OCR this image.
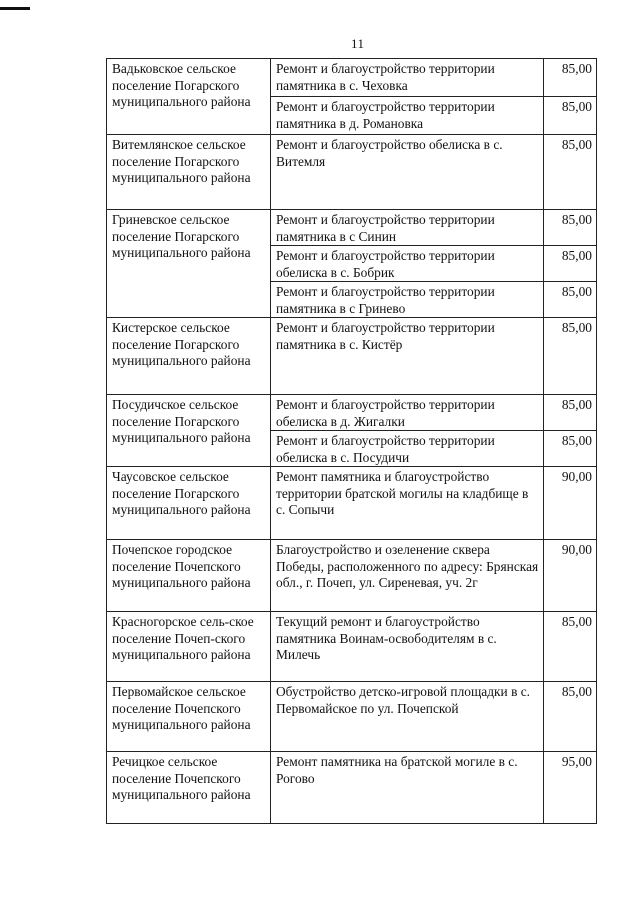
11
Вадьковское сельское поселение Погарского муниципального района	Ремонт и благоустройство территории памятника в с. Чеховка	85,00
	Ремонт и благоустройство территории памятника в д. Романовка	85,00
Витемлянское сельское поселение Погарского муниципального района	Ремонт и благоустройство обелиска в с. Витемля	85,00
Гриневское сельское поселение Погарского муниципального района	Ремонт и благоустройство территории памятника в с Синин	85,00
	Ремонт и благоустройство территории обелиска в с. Бобрик	85,00
	Ремонт и благоустройство территории памятника в с Гринево	85,00
Кистерское сельское поселение Погарского муниципального района	Ремонт и благоустройство территории памятника в с. Кистёр	85,00
Посудичское сельское поселение Погарского муниципального района	Ремонт и благоустройство территории обелиска в д. Жигалки	85,00
	Ремонт и благоустройство территории обелиска в с. Посудичи	85,00
Чаусовское сельское поселение Погарского муниципального района	Ремонт памятника и благоустройство территории братской могилы на кладбище в с. Сопычи	90,00
Почепское городское поселение Почепского муниципального района	Благоустройство и озеленение сквера Победы, расположенного по адресу: Брянская обл., г. Почеп, ул. Сиреневая, уч. 2г	90,00
Красногорское сель-ское поселение Почеп-ского муниципального района	Текущий ремонт и благоустройство памятника Воинам-освободителям в с. Милечь	85,00
Первомайское сельское поселение Почепского муниципального района	Обустройство детско-игровой площадки в с. Первомайское по ул. Почепской	85,00
Речицкое сельское поселение Почепского муниципального района	Ремонт памятника на братской могиле в с. Рогово	95,00
